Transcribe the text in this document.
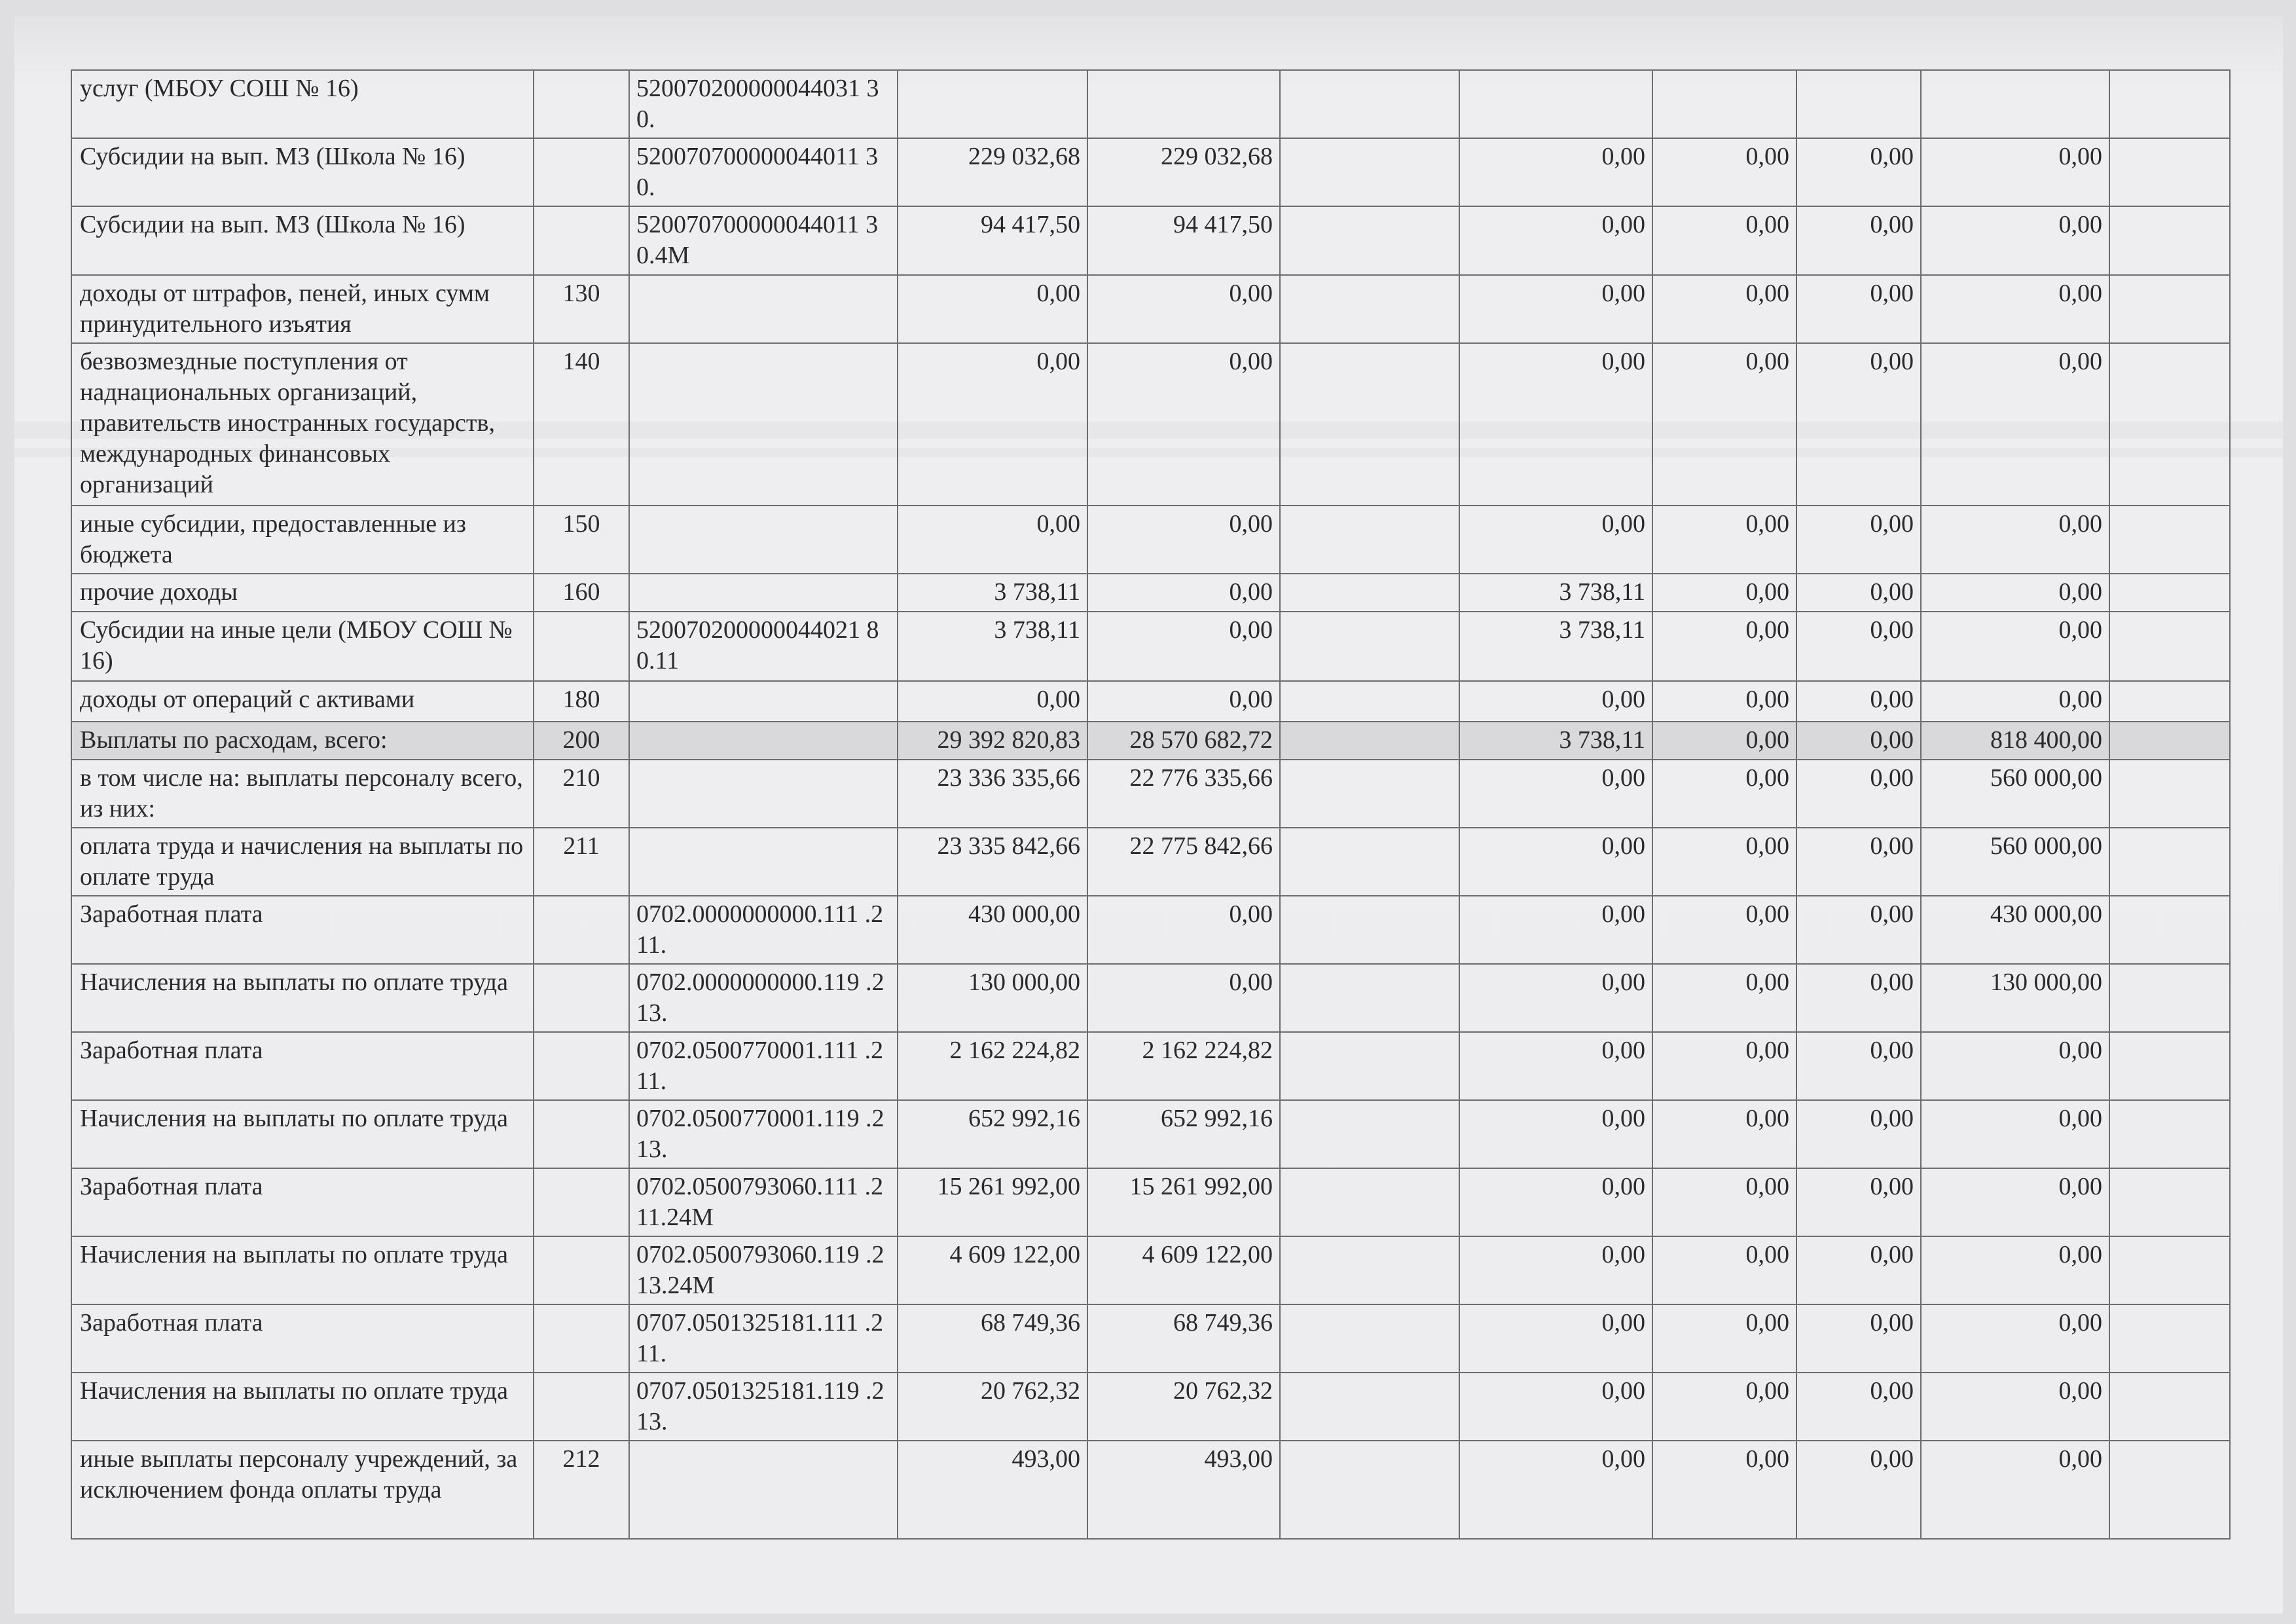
услуг (МБОУ СОШ № 16)		520070200000044031 30.								
Субсидии на вып. МЗ (Школа № 16)		520070700000044011 30.	229 032,68	229 032,68		0,00	0,00	0,00	0,00	
Субсидии на вып. МЗ (Школа № 16)		520070700000044011 30.4М	94 417,50	94 417,50		0,00	0,00	0,00	0,00	
доходы от штрафов, пеней, иных сумм принудительного изъятия	130		0,00	0,00		0,00	0,00	0,00	0,00	
безвозмездные поступления от наднациональных организаций, правительств иностранных государств, международных финансовых организаций	140		0,00	0,00		0,00	0,00	0,00	0,00	
иные субсидии, предоставленные из бюджета	150		0,00	0,00		0,00	0,00	0,00	0,00	
прочие доходы	160		3 738,11	0,00		3 738,11	0,00	0,00	0,00	
Субсидии на иные цели (МБОУ СОШ № 16)		520070200000044021 80.11	3 738,11	0,00		3 738,11	0,00	0,00	0,00	
доходы от операций с активами	180		0,00	0,00		0,00	0,00	0,00	0,00	
Выплаты по расходам, всего:	200		29 392 820,83	28 570 682,72		3 738,11	0,00	0,00	818 400,00	
в том числе на: выплаты персоналу всего, из них:	210		23 336 335,66	22 776 335,66		0,00	0,00	0,00	560 000,00	
оплата труда и начисления на выплаты по оплате труда	211		23 335 842,66	22 775 842,66		0,00	0,00	0,00	560 000,00	
Заработная плата		0702.0000000000.111 .211.	430 000,00	0,00		0,00	0,00	0,00	430 000,00	
Начисления на выплаты по оплате труда		0702.0000000000.119 .213.	130 000,00	0,00		0,00	0,00	0,00	130 000,00	
Заработная плата		0702.0500770001.111 .211.	2 162 224,82	2 162 224,82		0,00	0,00	0,00	0,00	
Начисления на выплаты по оплате труда		0702.0500770001.119 .213.	652 992,16	652 992,16		0,00	0,00	0,00	0,00	
Заработная плата		0702.0500793060.111 .211.24М	15 261 992,00	15 261 992,00		0,00	0,00	0,00	0,00	
Начисления на выплаты по оплате труда		0702.0500793060.119 .213.24М	4 609 122,00	4 609 122,00		0,00	0,00	0,00	0,00	
Заработная плата		0707.0501325181.111 .211.	68 749,36	68 749,36		0,00	0,00	0,00	0,00	
Начисления на выплаты по оплате труда		0707.0501325181.119 .213.	20 762,32	20 762,32		0,00	0,00	0,00	0,00	
иные выплаты персоналу учреждений, за исключением фонда оплаты труда	212		493,00	493,00		0,00	0,00	0,00	0,00	
